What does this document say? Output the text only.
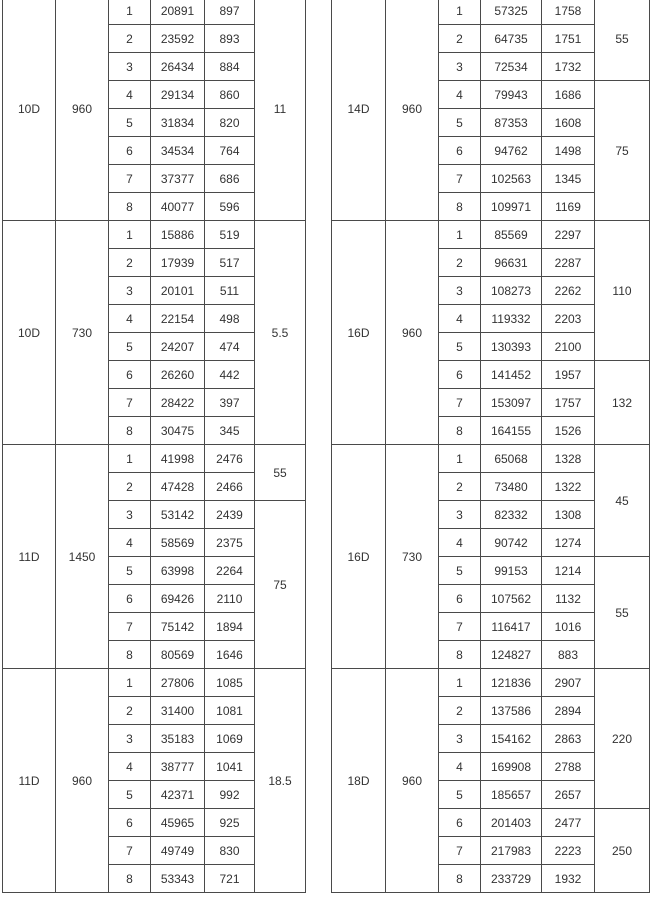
10D	960	1	20891	897	11
		2	23592	893	
		3	26434	884	
		4	29134	860	
		5	31834	820	
		6	34534	764	
		7	37377	686	
		8	40077	596	
10D	730	1	15886	519	5.5
		2	17939	517	
		3	20101	511	
		4	22154	498	
		5	24207	474	
		6	26260	442	
		7	28422	397	
		8	30475	345	
11D	1450	1	41998	2476	55
		2	47428	2466	
		3	53142	2439	75
		4	58569	2375	
		5	63998	2264	
		6	69426	2110	
		7	75142	1894	
		8	80569	1646	
11D	960	1	27806	1085	18.5
		2	31400	1081	
		3	35183	1069	
		4	38777	1041	
		5	42371	992	
		6	45965	925	
		7	49749	830	
		8	53343	721	
14D	960	1	57325	1758	55
		2	64735	1751	
		3	72534	1732	
		4	79943	1686	75
		5	87353	1608	
		6	94762	1498	
		7	102563	1345	
		8	109971	1169	
16D	960	1	85569	2297	110
		2	96631	2287	
		3	108273	2262	
		4	119332	2203	
		5	130393	2100	
		6	141452	1957	132
		7	153097	1757	
		8	164155	1526	
16D	730	1	65068	1328	45
		2	73480	1322	
		3	82332	1308	
		4	90742	1274	
		5	99153	1214	55
		6	107562	1132	
		7	116417	1016	
		8	124827	883	
18D	960	1	121836	2907	220
		2	137586	2894	
		3	154162	2863	
		4	169908	2788	
		5	185657	2657	
		6	201403	2477	250
		7	217983	2223	
		8	233729	1932	
